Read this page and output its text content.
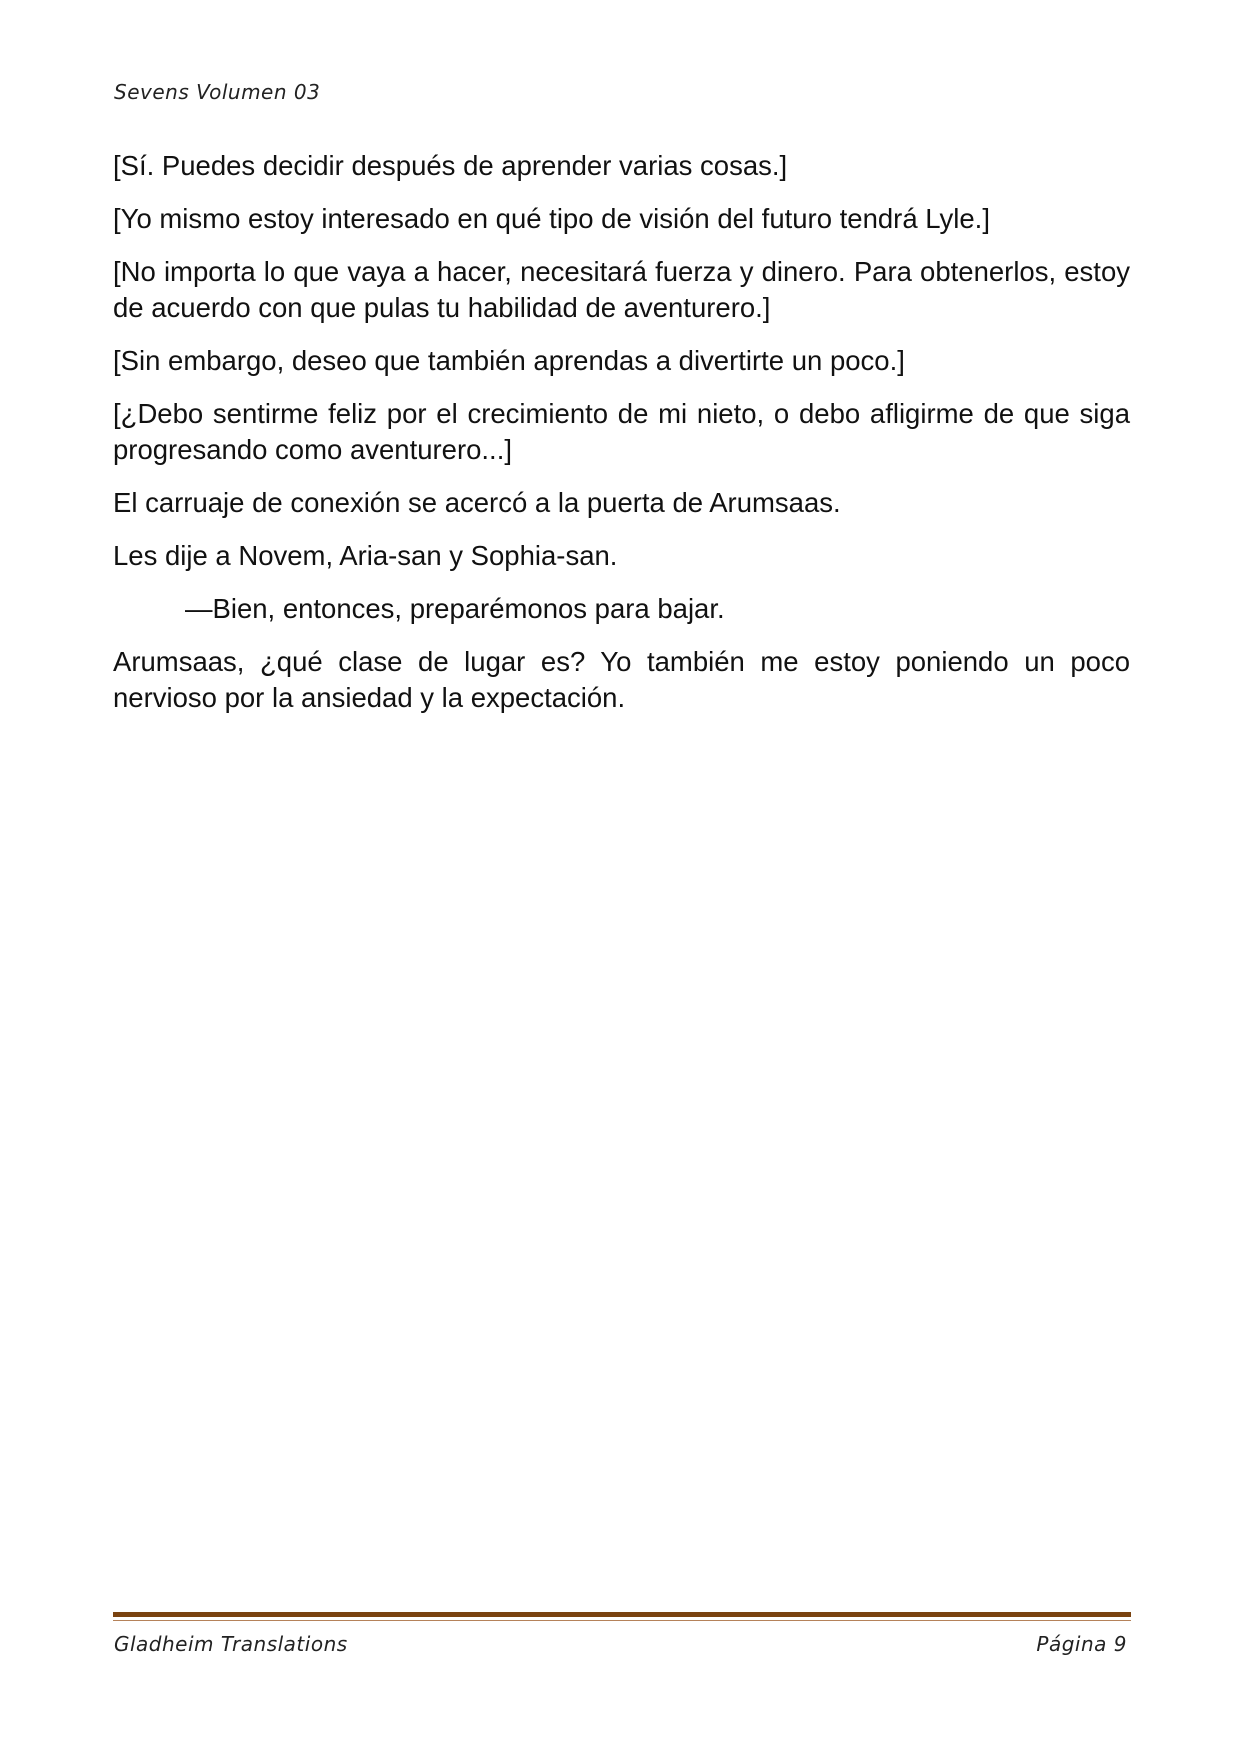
Sevens Volumen 03

[Sí. Puedes decidir después de aprender varias cosas.]

[Yo mismo estoy interesado en qué tipo de visión del futuro tendrá Lyle.]

[No importa lo que vaya a hacer, necesitará fuerza y dinero. Para obtenerlos, estoy de acuerdo con que pulas tu habilidad de aventurero.]

[Sin embargo, deseo que también aprendas a divertirte un poco.]

[¿Debo sentirme feliz por el crecimiento de mi nieto, o debo afligirme de que siga progresando como aventurero...]

El carruaje de conexión se acercó a la puerta de Arumsaas.

Les dije a Novem, Aria-san y Sophia-san.

—Bien, entonces, preparémonos para bajar.

Arumsaas, ¿qué clase de lugar es? Yo también me estoy poniendo un poco nervioso por la ansiedad y la expectación.

Gladheim Translations	Página 9
